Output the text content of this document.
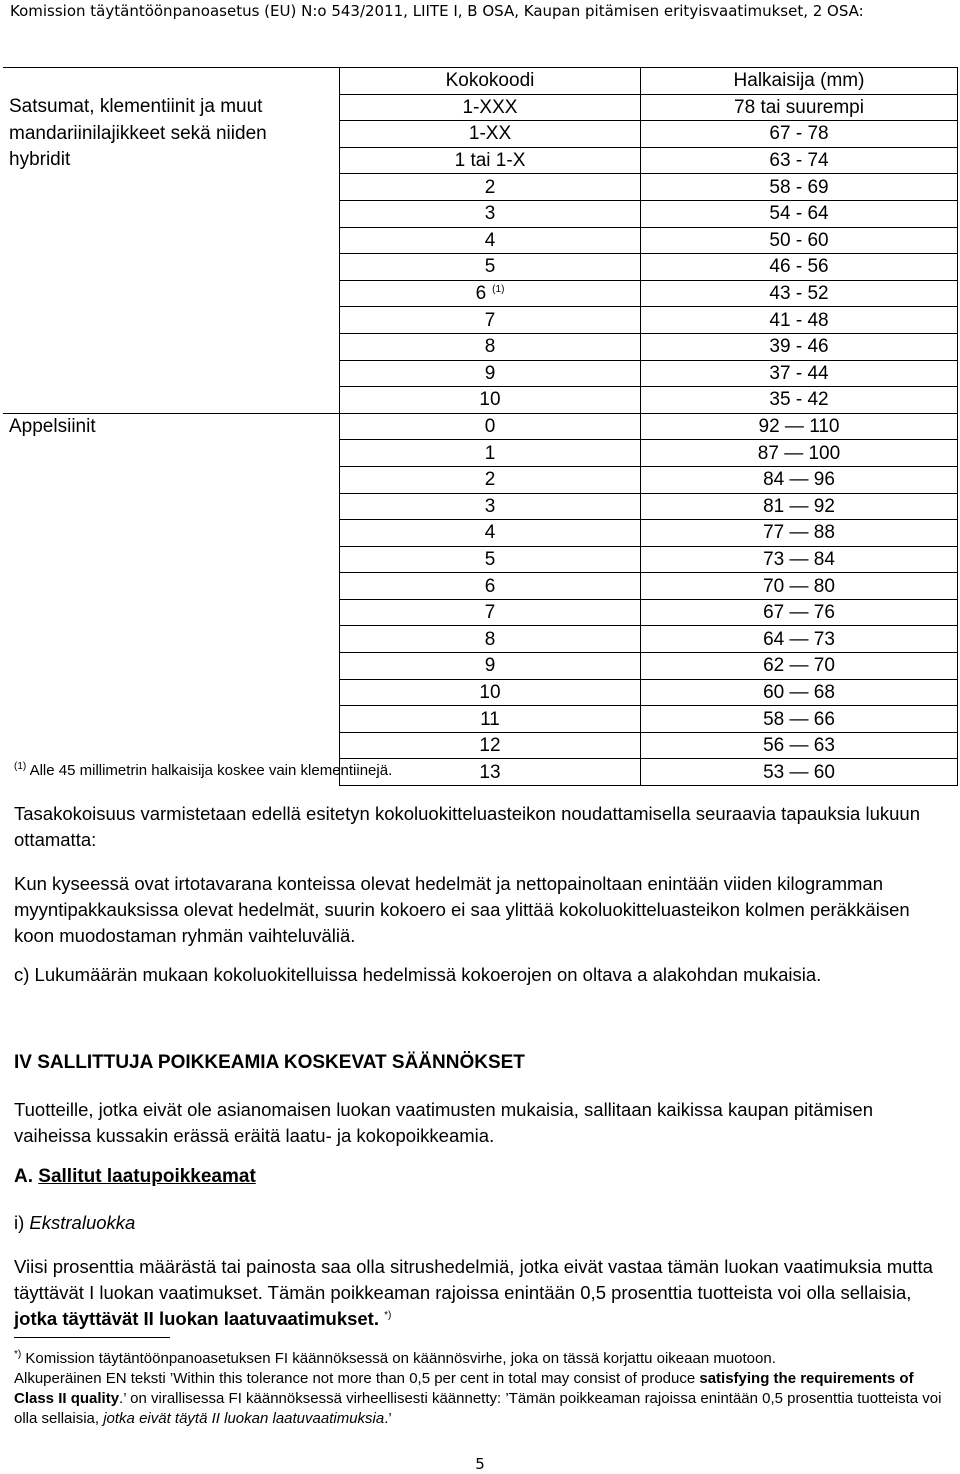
Komission täytäntöönpanoasetus (EU) N:o 543/2011, LIITE I, B OSA, Kaupan pitämisen erityisvaatimukset, 2 OSA:
	Kokokoodi	Halkaisija (mm)
Satsumat, klementiinit ja muut	1-XXX	78 tai suurempi
mandariinilajikkeet sekä niiden	1-XX	67 - 78
hybridit	1 tai 1-X	63 - 74
	2	58 - 69
	3	54 - 64
	4	50 - 60
	5	46 - 56
	6 $^{(1)}$	43 - 52
	7	41 - 48
	8	39 - 46
	9	37 - 44
	10	35 - 42
Appelsiinit	0	92 — 110
	1	87 — 100
	2	84 — 96
	3	81 — 92
	4	77 — 88
	5	73 — 84
	6	70 — 80
	7	67 — 76
	8	64 — 73
	9	62 — 70
	10	60 — 68
	11	58 — 66
	12	56 — 63
	13	53 — 60
$^{(1)}$ Alle 45 millimetrin halkaisija koskee vain klementiinejä.
Tasakokoisuus varmistetaan edellä esitetyn kokoluokitteluasteikon noudattamisella seuraavia tapauksia lukuun ottamatta:
Kun kyseessä ovat irtotavarana konteissa olevat hedelmät ja nettopainoltaan enintään viiden kilogramman myyntipakkauksissa olevat hedelmät, suurin kokoero ei saa ylittää kokoluokitteluasteikon kolmen peräkkäisen koon muodostaman ryhmän vaihteluväliä.
c) Lukumäärän mukaan kokoluokitelluissa hedelmissä kokoerojen on oltava a alakohdan mukaisia.
IV SALLITTUJA POIKKEAMIA KOSKEVAT SÄÄNNÖKSET
Tuotteille, jotka eivät ole asianomaisen luokan vaatimusten mukaisia, sallitaan kaikissa kaupan pitämisen vaiheissa kussakin erässä eräitä laatu- ja kokopoikkeamia.
A. Sallitut laatupoikkeamat
i) Ekstraluokka
Viisi prosenttia määrästä tai painosta saa olla sitrushedelmiä, jotka eivät vastaa tämän luokan vaatimuksia mutta täyttävät I luokan vaatimukset. Tämän poikkeaman rajoissa enintään 0,5 prosenttia tuotteista voi olla sellaisia, jotka täyttävät II luokan laatuvaatimukset. *)
*) Komission täytäntöönpanoasetuksen FI käännöksessä on käännösvirhe, joka on tässä korjattu oikeaan muotoon.
Alkuperäinen EN teksti ’Within this tolerance not more than 0,5 per cent in total may consist of produce satisfying the requirements of Class II quality.’ on virallisessa FI käännöksessä virheellisesti käännetty: ’Tämän poikkeaman rajoissa enintään 0,5 prosenttia tuotteista voi olla sellaisia, jotka eivät täytä II luokan laatuvaatimuksia.’
5
